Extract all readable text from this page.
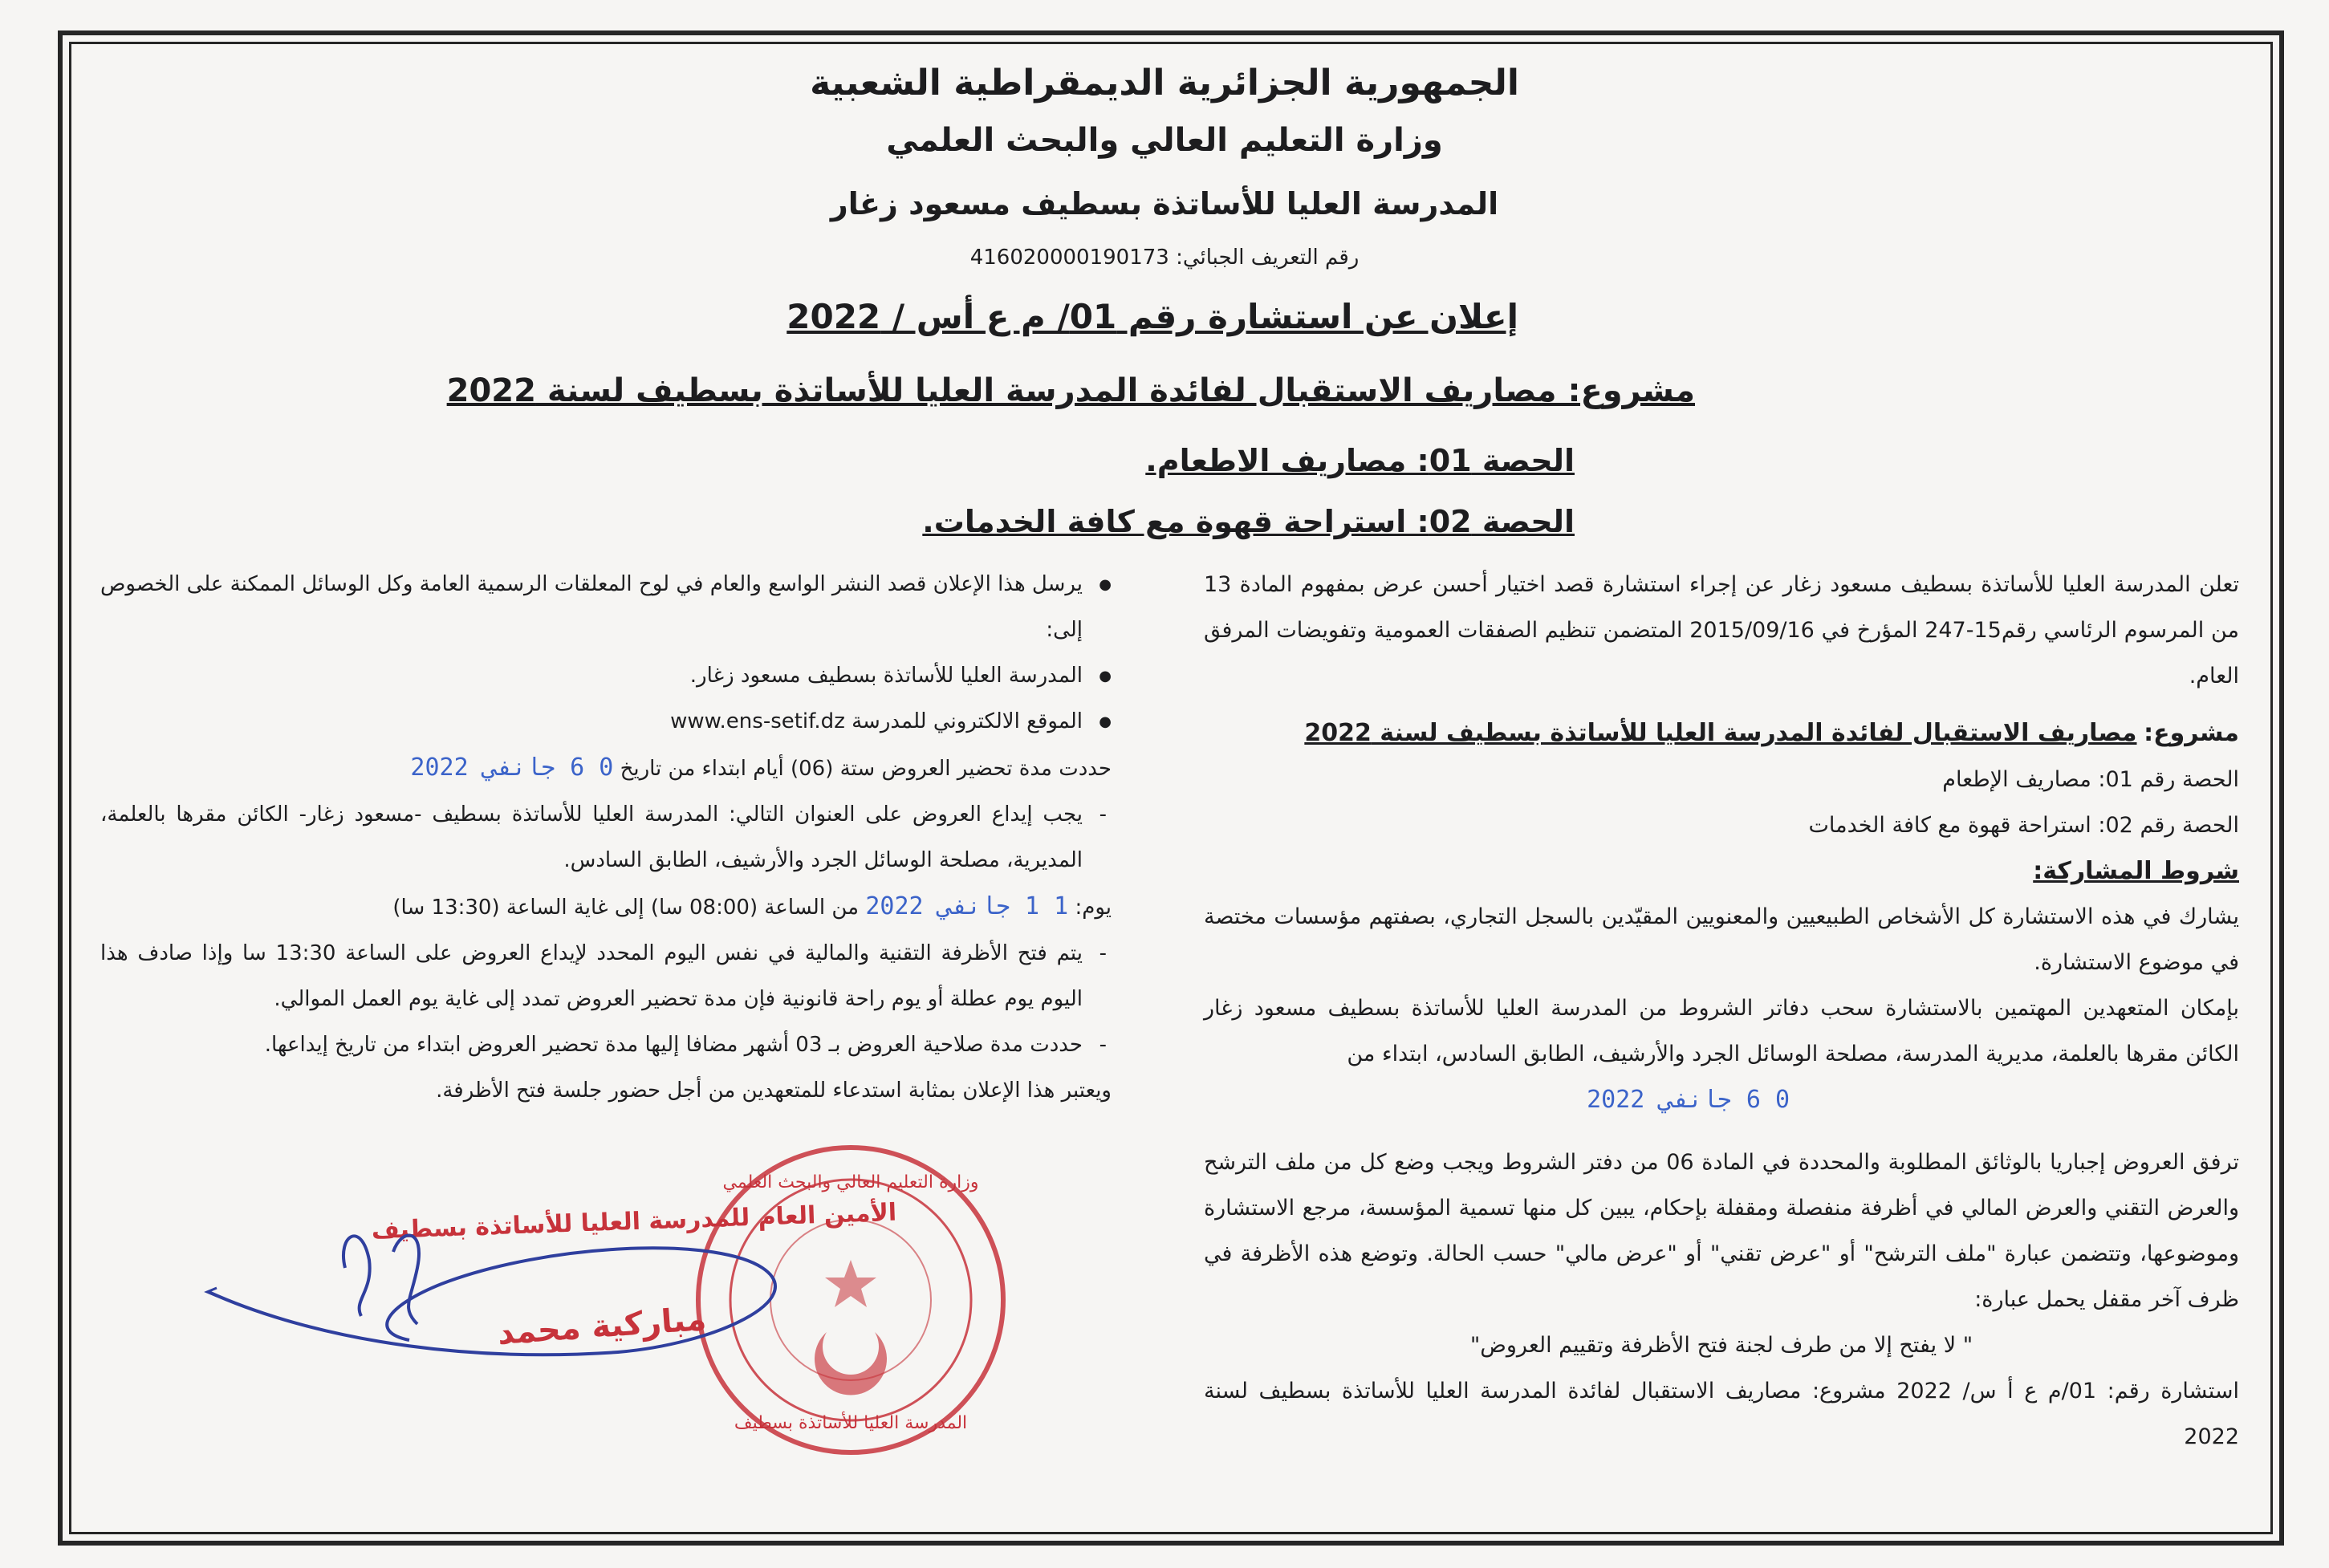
الجمهورية الجزائرية الديمقراطية الشعبية
وزارة التعليم العالي والبحث العلمي
المدرسة العليا للأساتذة بسطيف مسعود زغار
رقم التعريف الجبائي: 416020000190173
إعلان عن استشارة رقم 01/ م ع أس / 2022
مشروع: مصاريف الاستقبال لفائدة المدرسة العليا للأساتذة بسطيف لسنة 2022
الحصة 01: مصاريف الاطعام.
الحصة 02: استراحة قهوة مع كافة الخدمات.

تعلن المدرسة العليا للأساتذة بسطيف مسعود زغار عن إجراء استشارة قصد اختيار أحسن عرض بمفهوم المادة 13 من المرسوم الرئاسي رقم15-247 المؤرخ في 2015/09/16 المتضمن تنظيم الصفقات العمومية وتفويضات المرفق العام.

مشروع: مصاريف الاستقبال لفائدة المدرسة العليا للأساتذة بسطيف لسنة 2022

الحصة رقم 01: مصاريف الإطعام

الحصة رقم 02: استراحة قهوة مع كافة الخدمات

شروط المشاركة:

يشارك في هذه الاستشارة كل الأشخاص الطبيعيين والمعنويين المقيّدين بالسجل التجاري، بصفتهم مؤسسات مختصة في موضوع الاستشارة.

بإمكان المتعهدين المهتمين بالاستشارة سحب دفاتر الشروط من المدرسة العليا للأساتذة بسطيف مسعود زغار الكائن مقرها بالعلمة، مديرية المدرسة، مصلحة الوسائل الجرد والأرشيف، الطابق السادس، ابتداء من

0 6 جانفي 2022

ترفق العروض إجباريا بالوثائق المطلوبة والمحددة في المادة 06 من دفتر الشروط ويجب وضع كل من ملف الترشح والعرض التقني والعرض المالي في أظرفة منفصلة ومقفلة بإحكام، يبين كل منها تسمية المؤسسة، مرجع الاستشارة وموضوعها، وتتضمن عبارة "ملف الترشح" أو "عرض تقني" أو "عرض مالي" حسب الحالة. وتوضع هذه الأظرفة في ظرف آخر مقفل يحمل عبارة:

" لا يفتح إلا من طرف لجنة فتح الأظرفة وتقييم العروض"

استشارة رقم: 01/م ع أ س/ 2022 مشروع: مصاريف الاستقبال لفائدة المدرسة العليا للأساتذة بسطيف لسنة 2022

● يرسل هذا الإعلان قصد النشر الواسع والعام في لوح المعلقات الرسمية العامة وكل الوسائل الممكنة على الخصوص إلى:

● المدرسة العليا للأساتذة بسطيف مسعود زغار.

● الموقع الالكتروني للمدرسة www.ens-setif.dz

حددت مدة تحضير العروض ستة (06) أيام ابتداء من تاريخ 0 6 جانفي 2022

- يجب إيداع العروض على العنوان التالي: المدرسة العليا للأساتذة بسطيف -مسعود زغار- الكائن مقرها بالعلمة، المديرية، مصلحة الوسائل الجرد والأرشيف، الطابق السادس.

يوم: 1 1 جانفي 2022 من الساعة (08:00 سا) إلى غاية الساعة (13:30 سا)

- يتم فتح الأظرفة التقنية والمالية في نفس اليوم المحدد لإيداع العروض على الساعة 13:30 سا وإذا صادف هذا اليوم يوم عطلة أو يوم راحة قانونية فإن مدة تحضير العروض تمدد إلى غاية يوم العمل الموالي.

- حددت مدة صلاحية العروض بـ 03 أشهر مضافا إليها مدة تحضير العروض ابتداء من تاريخ إيداعها.

ويعتبر هذا الإعلان بمثابة استدعاء للمتعهدين من أجل حضور جلسة فتح الأظرفة.

وزارة التعليم العالي والبحث العلمي
المدرسة العليا للأساتذة بسطيف
الأمين العام للمدرسة العليا للأساتذة بسطيف
مباركية محمد
